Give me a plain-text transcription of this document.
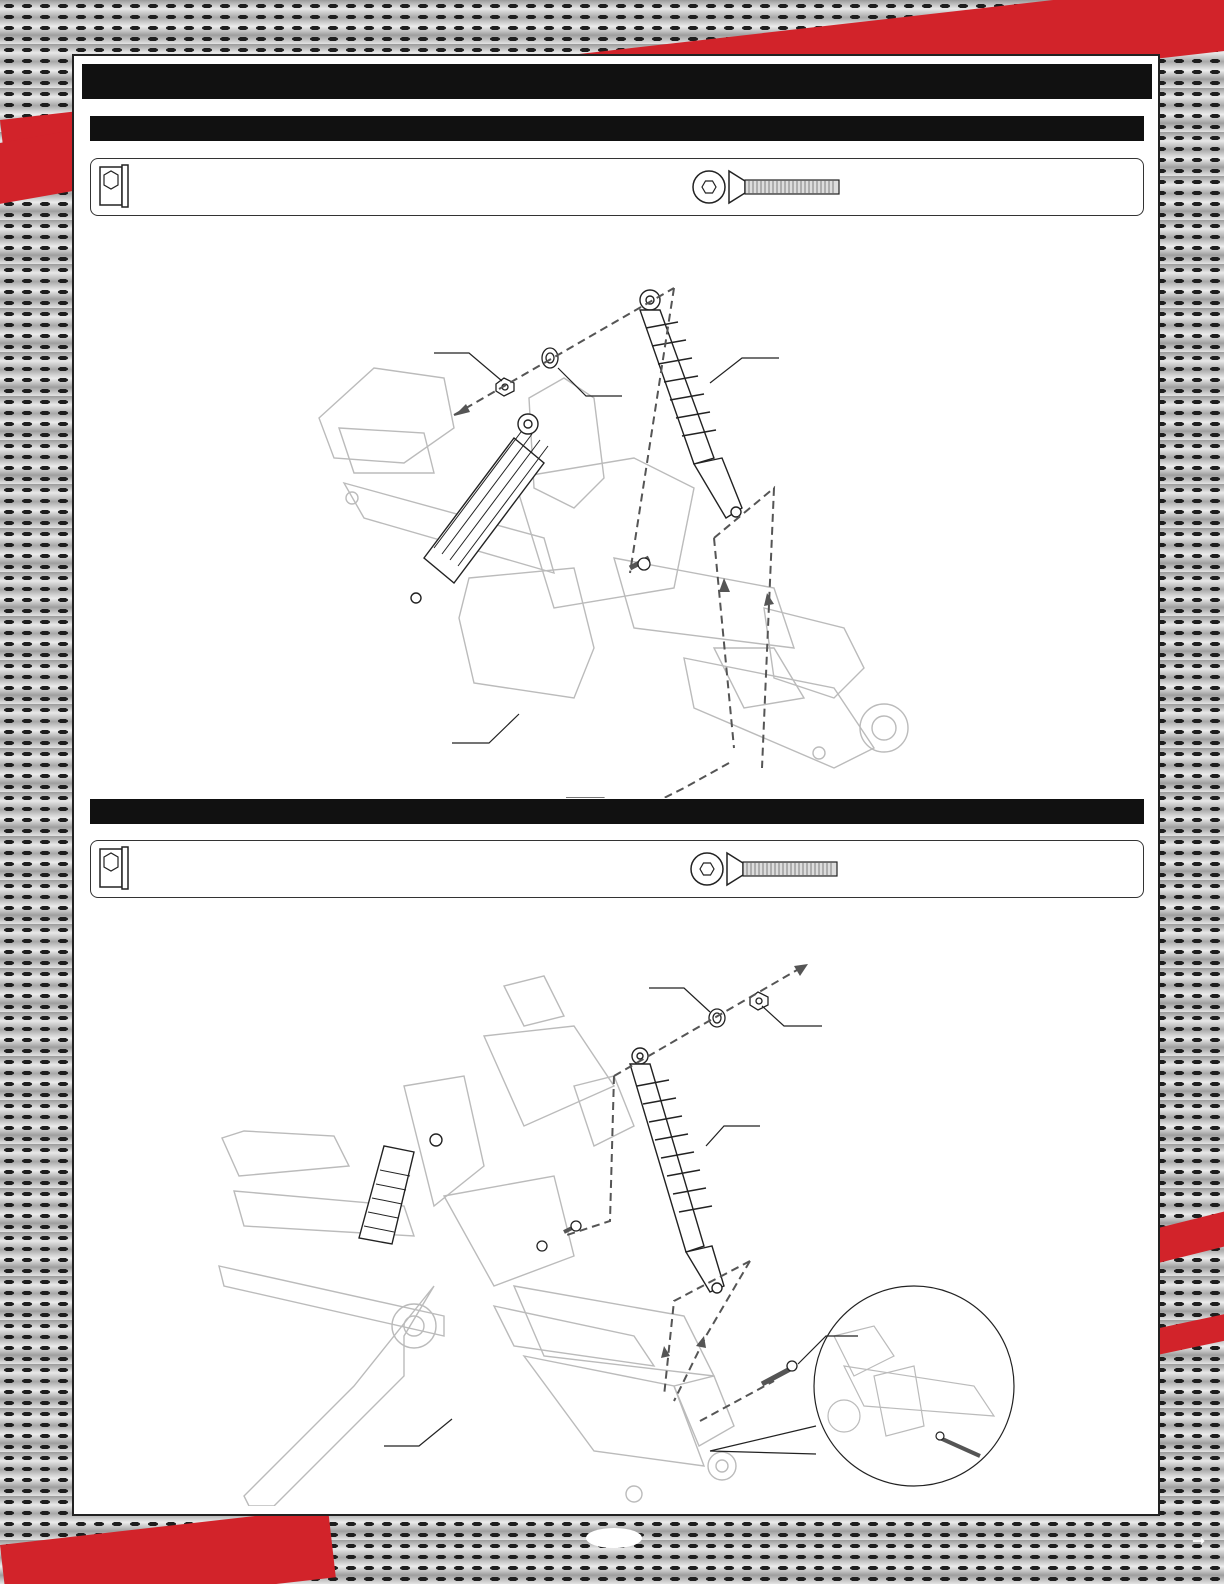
➞
